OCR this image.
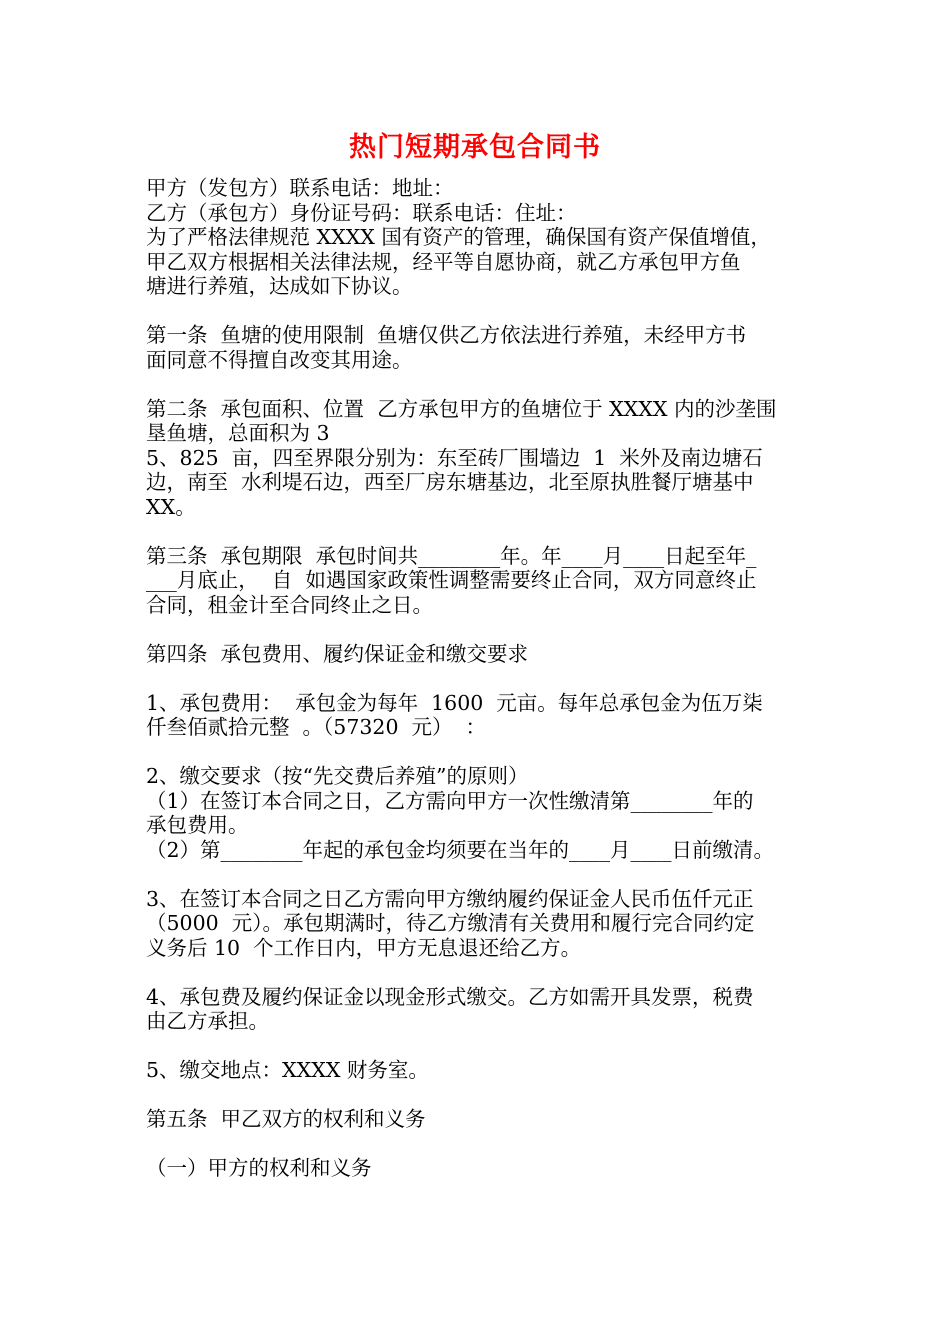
热门短期承包合同书
甲方（发包方）联系电话：地址：
乙方（承包方）身份证号码：联系电话：住址：
为了严格法律规范 XXXX 国有资产的管理，确保国有资产保值增值，
甲乙双方根据相关法律法规，经平等自愿协商，就乙方承包甲方鱼
塘进行养殖，达成如下协议。
第一条  鱼塘的使用限制  鱼塘仅供乙方依法进行养殖，未经甲方书
面同意不得擅自改变其用途。
第二条  承包面积、位置  乙方承包甲方的鱼塘位于 XXXX 内的沙垄围
垦鱼塘，总面积为 3
5、825  亩，四至界限分别为：东至砖厂围墙边  1  米外及南边塘石
边，南至  水利堤石边，西至厂房东塘基边，北至原执胜餐厅塘基中
XX。
第三条  承包期限  承包时间共________年。年____月____日起至年_
___月底止，  自  如遇国家政策性调整需要终止合同，双方同意终止
合同，租金计至合同终止之日。
第四条  承包费用、履约保证金和缴交要求
1、承包费用：  承包金为每年  1600  元亩。每年总承包金为伍万柒
仟叁佰贰拾元整  。（57320  元）  ：
2、缴交要求（按“先交费后养殖”的原则）
（1）在签订本合同之日，乙方需向甲方一次性缴清第________年的
承包费用。
（2）第________年起的承包金均须要在当年的____月____日前缴清。
3、在签订本合同之日乙方需向甲方缴纳履约保证金人民币伍仟元正
（5000  元）。承包期满时，待乙方缴清有关费用和履行完合同约定
义务后 10  个工作日内，甲方无息退还给乙方。
4、承包费及履约保证金以现金形式缴交。乙方如需开具发票，税费
由乙方承担。
5、缴交地点：XXXX 财务室。
第五条  甲乙双方的权利和义务
（一）甲方的权利和义务
